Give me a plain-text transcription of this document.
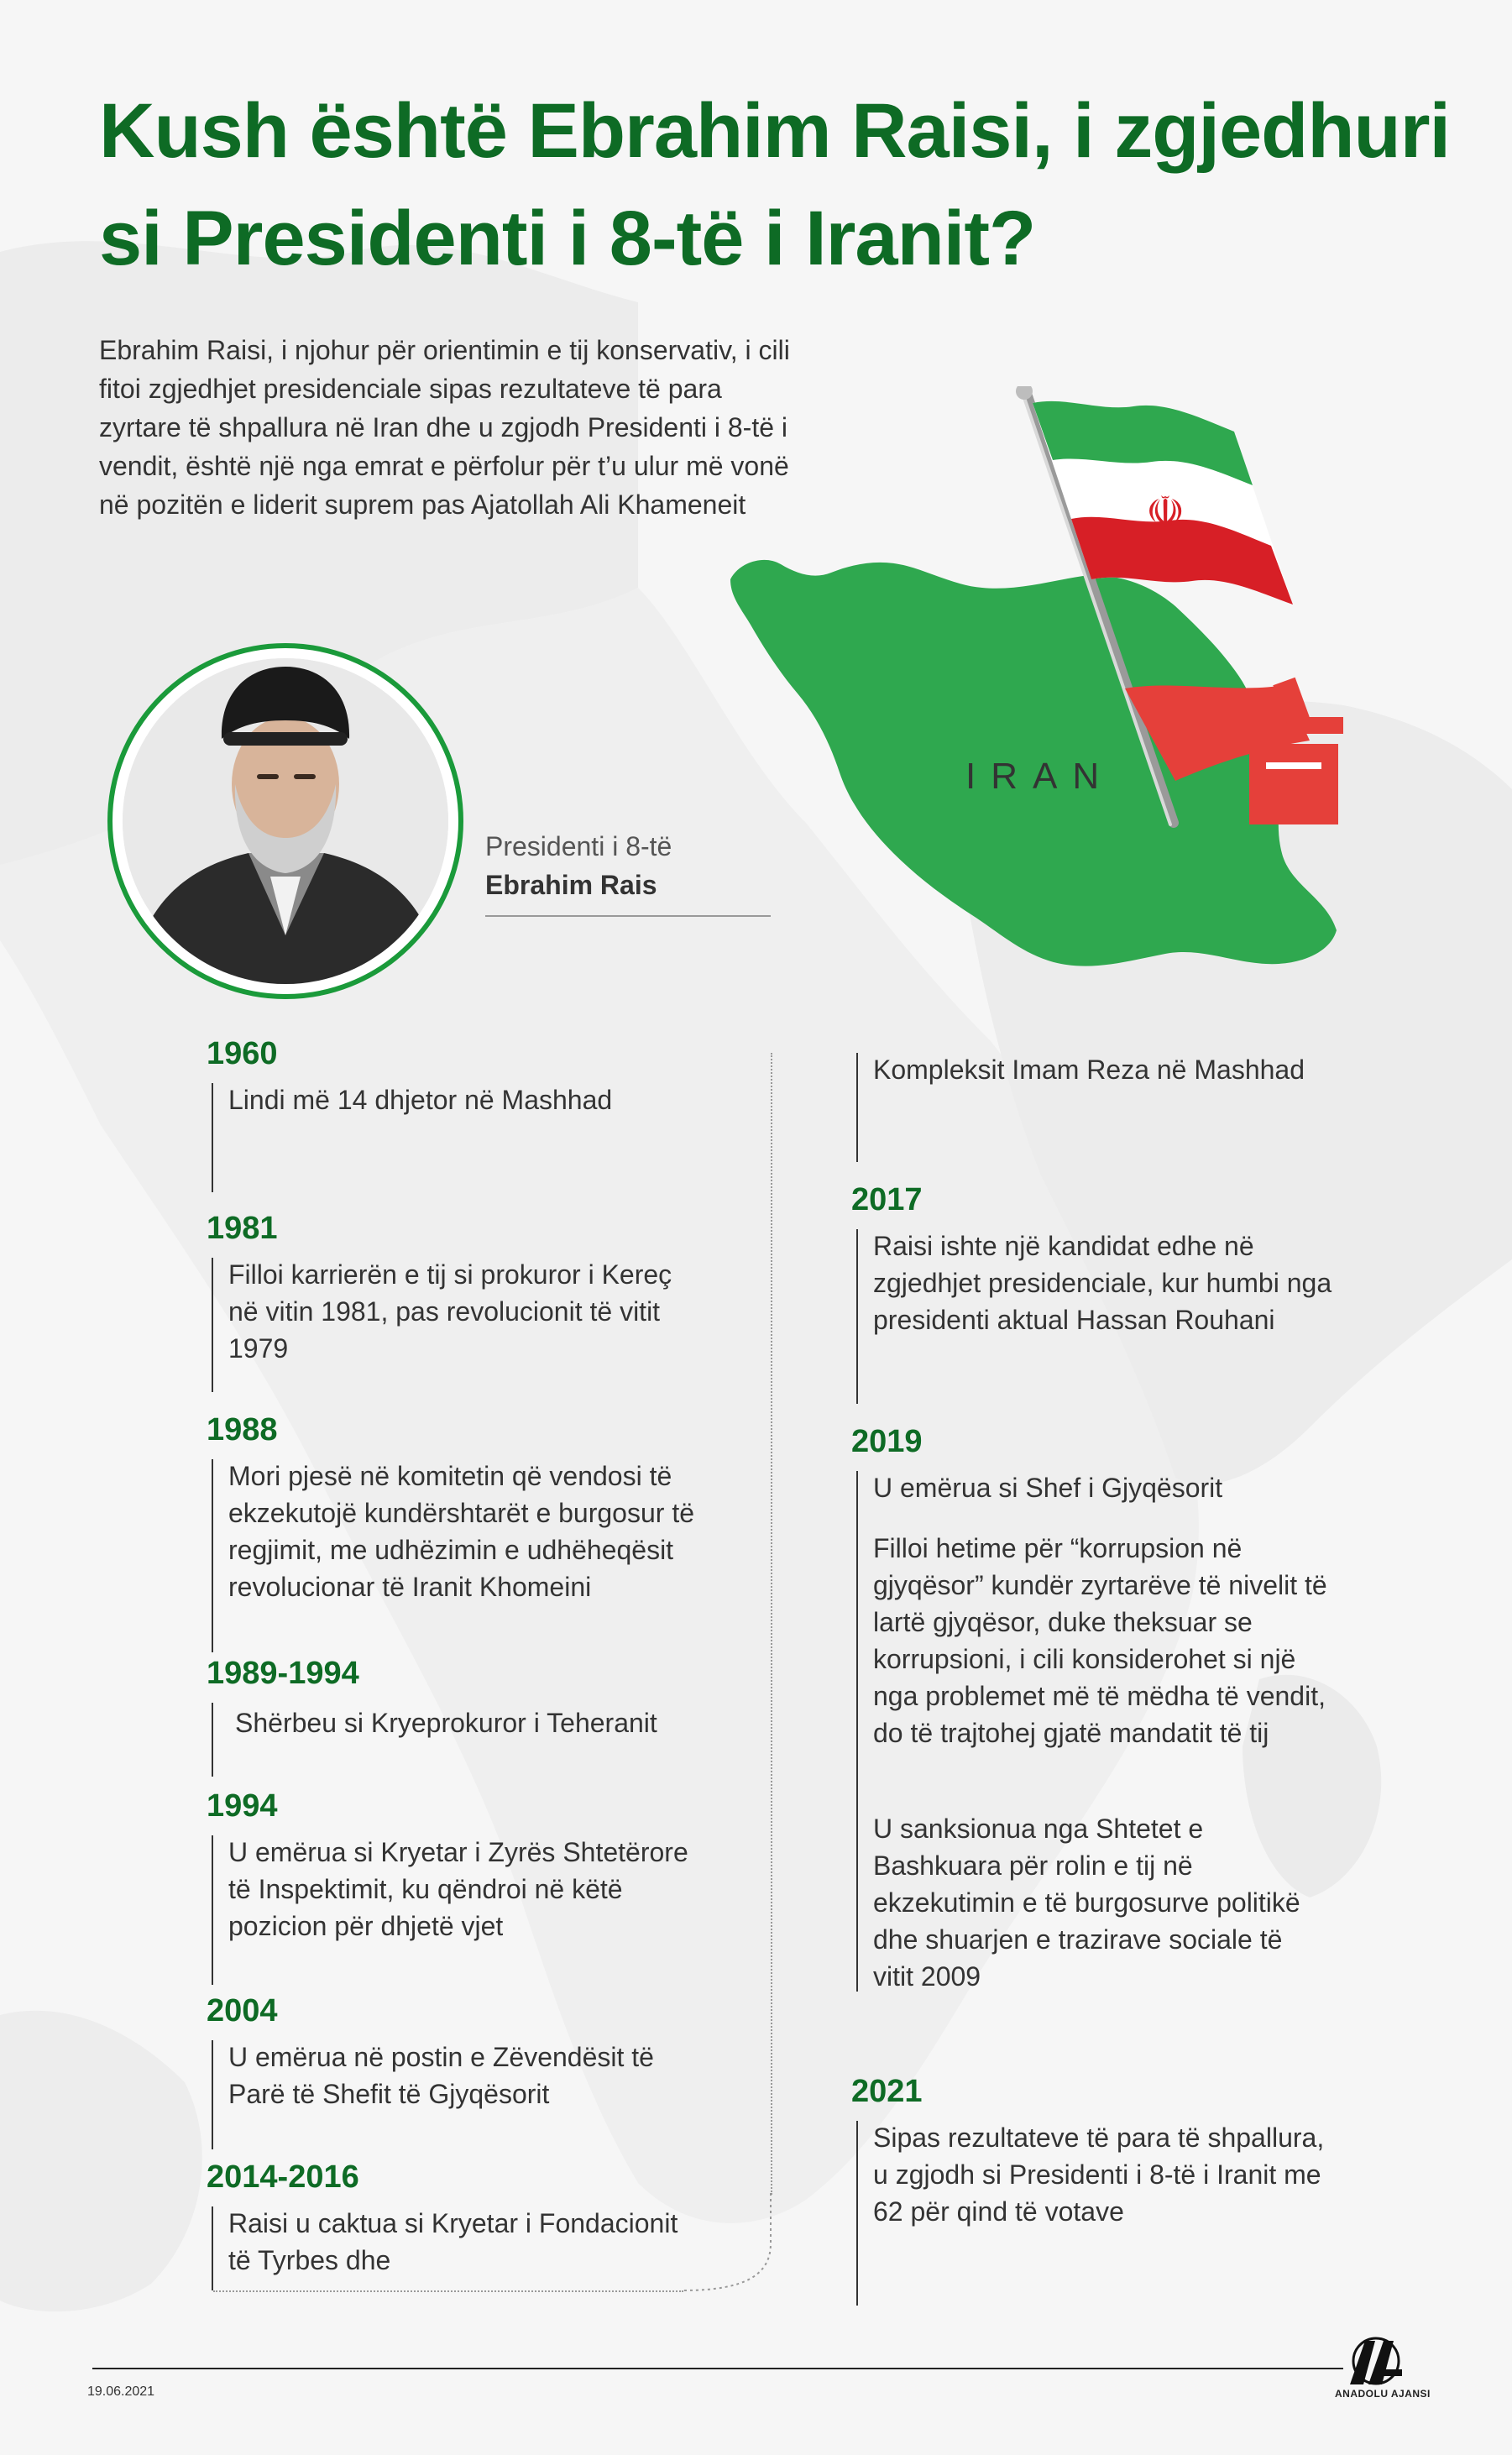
Kush është Ebrahim Raisi, i zgjedhuri si Presidenti i 8-të i Iranit?
Ebrahim Raisi, i njohur për orientimin e tij konservativ, i cili fitoi zgjedhjet presidenciale sipas rezultateve të para zyrtare të shpallura në Iran dhe u zgjodh Presidenti i 8-të i vendit, është një nga emrat e përfolur për t’u ulur më vonë në pozitën e liderit suprem pas Ajatollah Ali Khameneit	☫
IRAN
Presidenti i 8-të
Ebrahim Rais
1960
Lindi më 14 dhjetor në Mashhad
1981
Filloi karrierën e tij si prokuror i Kereç në vitin 1981, pas revolucionit të vitit 1979
1988
Mori pjesë në komitetin që vendosi të ekzekutojë kundërshtarët e burgosur të regjimit, me udhëzimin e udhëheqësit revolucionar të Iranit Khomeini
1989-1994
Shërbeu si Kryeprokuror i Teheranit
1994
U emërua si Kryetar i Zyrës Shtetërore të Inspektimit, ku qëndroi në këtë pozicion për dhjetë vjet
2004
U emërua në postin e Zëvendësit të Parë të Shefit të Gjyqësorit
2014-2016
Raisi u caktua si Kryetar i Fondacionit të Tyrbes dhe
Kompleksit Imam Reza në Mashhad
2017
Raisi ishte një kandidat edhe në zgjedhjet presidenciale, kur humbi nga presidenti aktual Hassan Rouhani
2019
U emërua si Shef i Gjyqësorit
Filloi hetime për “korrupsion në gjyqësor” kundër zyrtarëve të nivelit të lartë gjyqësor, duke theksuar se korrupsioni, i cili konsiderohet si një nga problemet më të mëdha të vendit, do të trajtohej gjatë mandatit të tij
U sanksionua nga Shtetet e Bashkuara për rolin e tij në ekzekutimin e të burgosurve politikë dhe shuarjen e trazirave sociale të vitit 2009
2021
Sipas rezultateve të para të shpallura, u zgjodh si Presidenti i 8-të i Iranit me 62 për qind të votave
19.06.2021	ANADOLU AJANSI
